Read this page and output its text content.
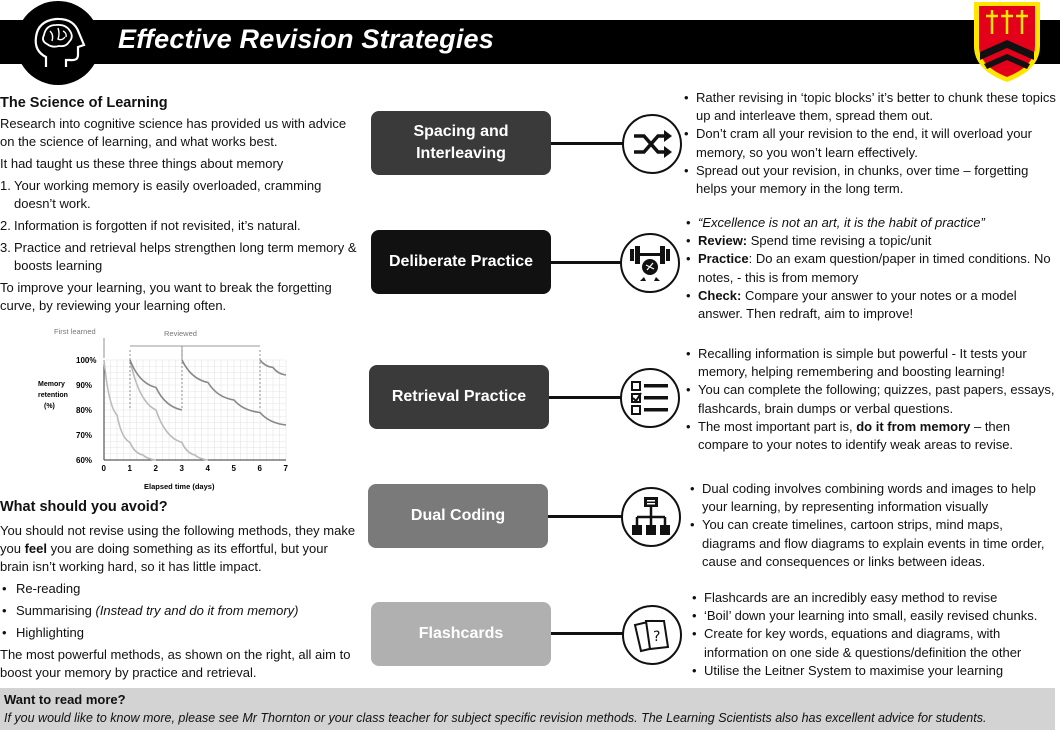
Effective Revision Strategies
The Science of Learning
Research into cognitive science has provided us with advice on the science of learning, and what works best.
It had taught us these three things about memory
1. Your working memory is easily overloaded, cramming doesn’t work.
2. Information is forgotten if not revisited, it’s natural.
3. Practice and retrieval helps strengthen long term memory & boosts learning
To improve your learning, you want to break the forgetting curve, by reviewing your learning often.
0	1	2	3	4	5	6	7
60%
70%
80%
90%
100%
First learned	Reviewed
Memory
retention
(%)
Elapsed time (days)
What should you avoid?
You should not revise using the following methods, they make you feel you are doing something as its effortful, but your brain isn’t working hard, so it has little impact.
• Re-reading
• Summarising (Instead try and do it from memory)
• Highlighting
The most powerful methods, as shown on the right, all aim to boost your memory by practice and retrieval.
Spacing and
Interleaving
• Rather revising in ‘topic blocks’ it’s better to chunk these topics up and interleave them, spread them out.
• Don’t cram all your revision to the end, it will overload your memory, so you won’t learn effectively.
• Spread out your revision, in chunks, over time – forgetting helps your memory in the long term.
Deliberate Practice
• “Excellence is not an art, it is the habit of practice”
• Review: Spend time revising a topic/unit
• Practice: Do an exam question/paper in timed conditions. No notes, - this is from memory
• Check: Compare your answer to your notes or a model answer. Then redraft, aim to improve!
Retrieval Practice
• Recalling information is simple but powerful - It tests your memory, helping remembering and boosting learning!
• You can complete the following; quizzes, past papers, essays, flashcards, brain dumps or verbal questions.
• The most important part is, do it from memory – then compare to your notes to identify weak areas to revise.
Dual Coding
• Dual coding involves combining words and images to help your learning, by representing information visually
• You can create timelines, cartoon strips, mind maps, diagrams and flow diagrams to explain events in time order, cause and consequences or links between ideas.
Flashcards	?
• Flashcards are an incredibly easy method to revise
• ‘Boil’ down your learning into small, easily revised chunks.
• Create for key words, equations and diagrams, with information on one side & questions/definition the other
• Utilise the Leitner System to maximise your learning
Want to read more?
If you would like to know more, please see Mr Thornton or your class teacher for subject specific revision methods. The Learning Scientists also has excellent advice for students.
